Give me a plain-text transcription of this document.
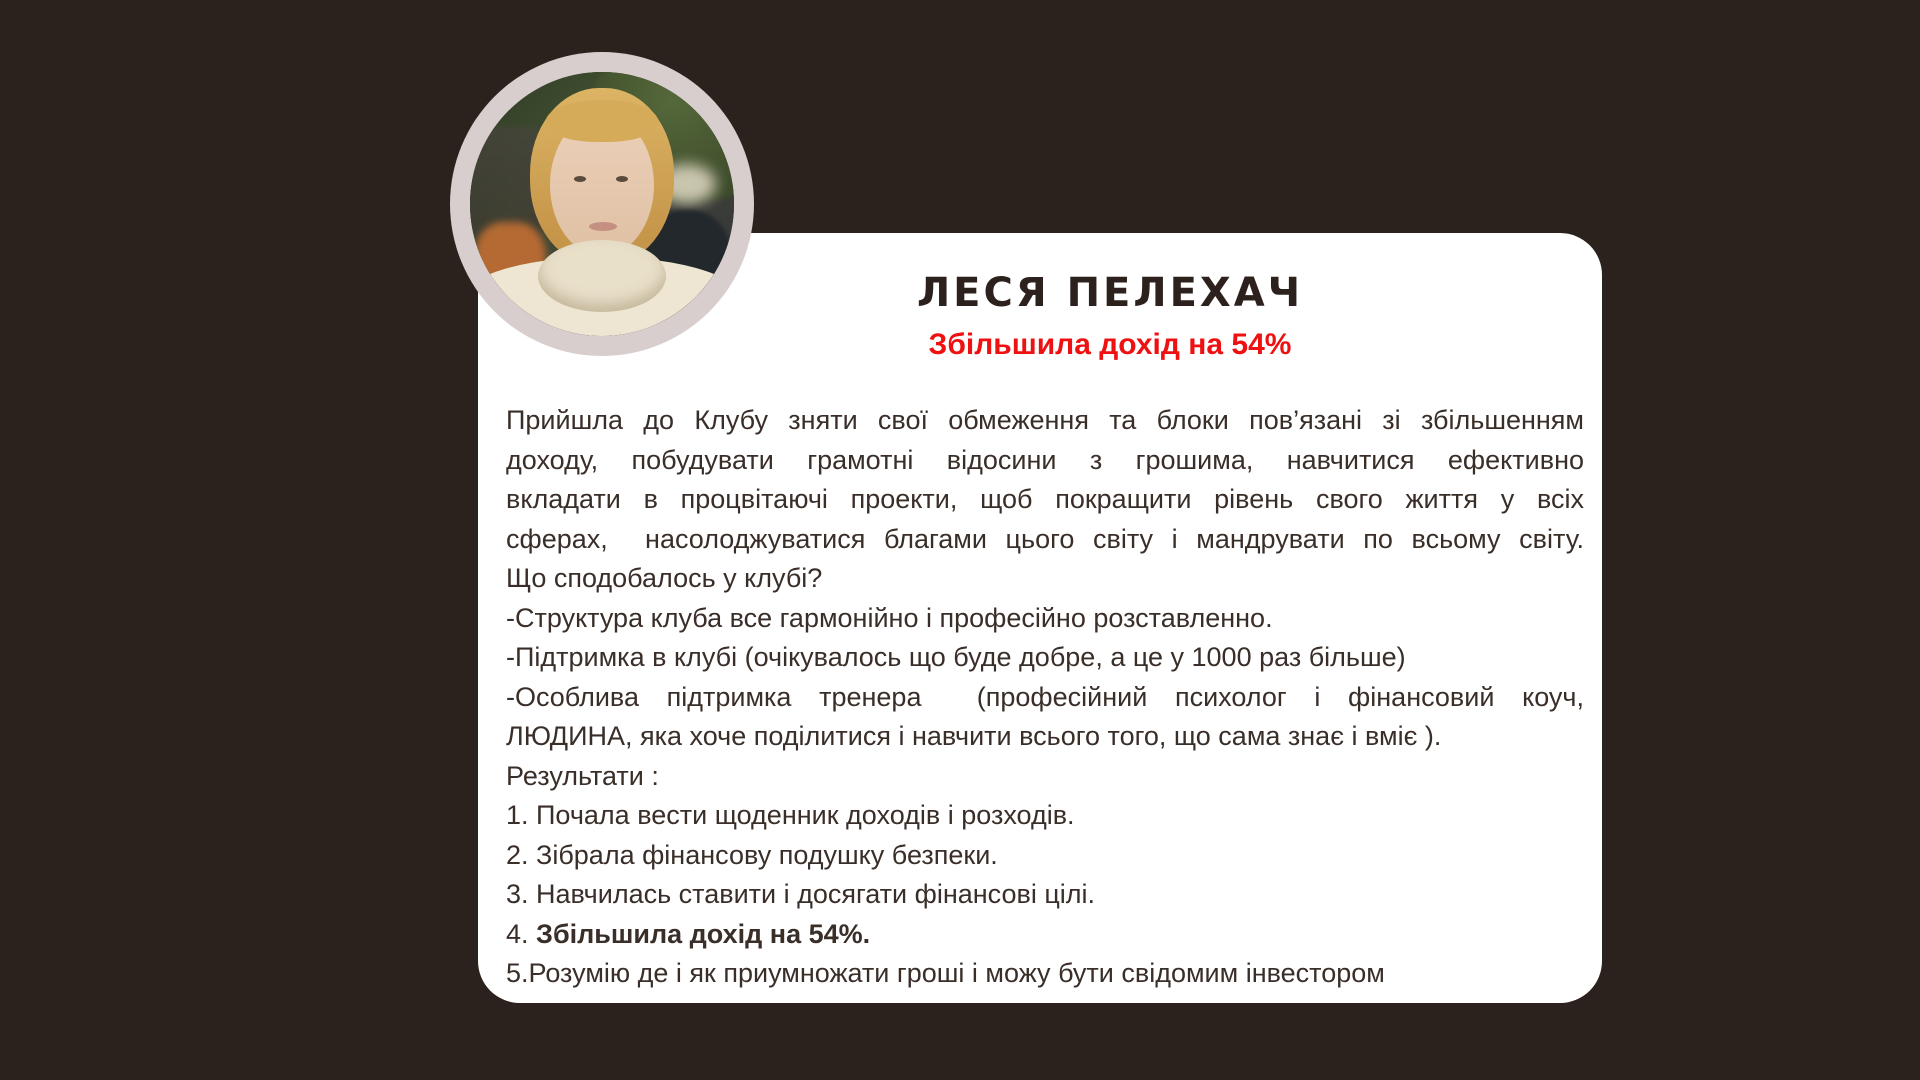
ЛЕСЯ ПЕЛЕХАЧ
Збільшила дохід на 54%
Прийшла до Клубу зняти свої обмеження та блоки пов’язані зі збільшенням
доходу, побудувати грамотні відосини з грошима, навчитися ефективно
вкладати в процвітаючі проекти, щоб покращити рівень свого життя у всіх
сферах,  насолоджуватися благами цього світу і мандрувати по всьому світу.
Що сподобалось у клубі?
-Структура клуба все гармонійно і професійно розставленно.
-Підтримка в клубі (очікувалось що буде добре, а це у 1000 раз більше)
-Особлива підтримка тренера  (професійний психолог і фінансовий коуч,
ЛЮДИНА, яка хоче поділитися і навчити всього того, що сама знає і вміє ).
Результати :
1. Почала вести щоденник доходів і розходів.
2. Зібрала фінансову подушку безпеки.
3. Навчилась ставити і досягати фінансові цілі.
4. Збільшила дохід на 54%.
5.Розумію де і як приумножати гроші і можу бути свідомим інвестором
